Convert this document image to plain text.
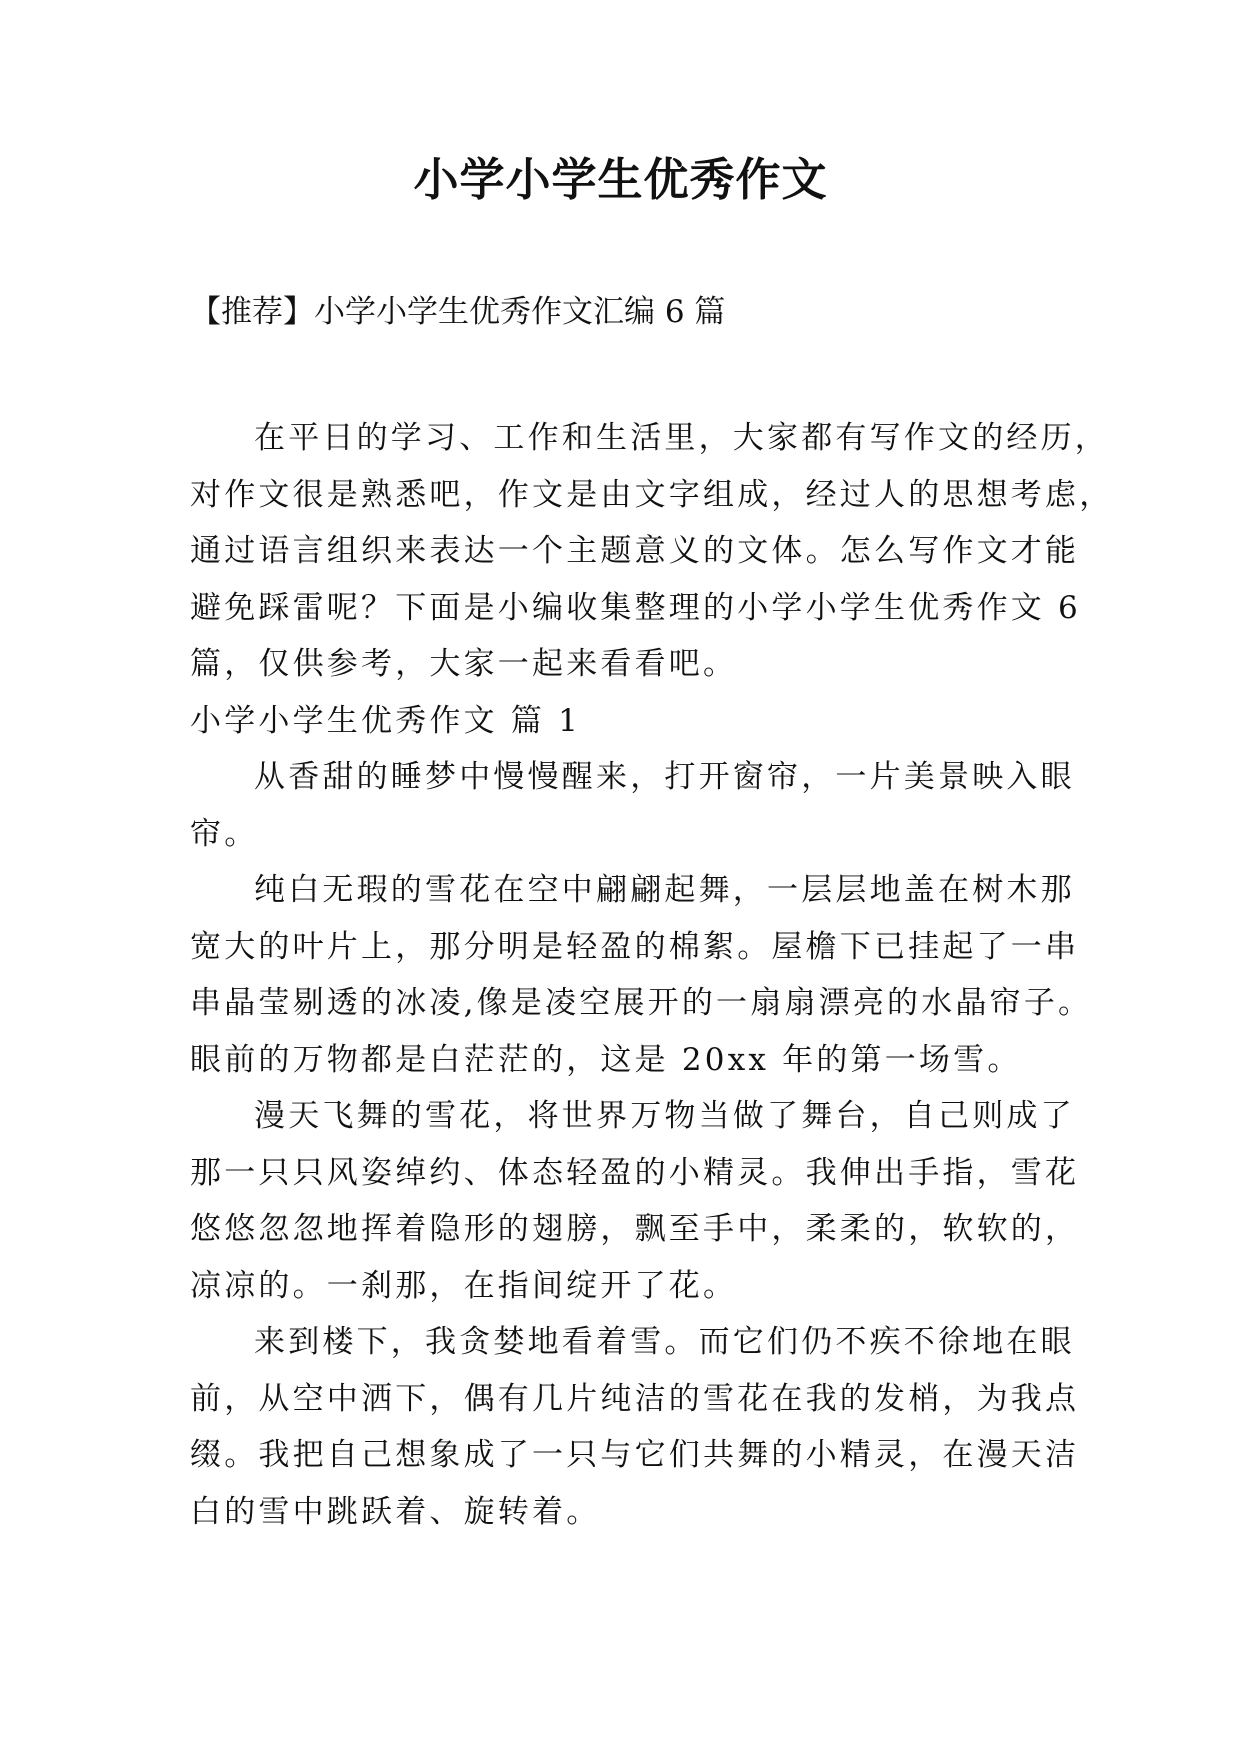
小学小学生优秀作文
【推荐】小学小学生优秀作文汇编 6 篇
在平日的学习、工作和生活里，大家都有写作文的经历，
对作文很是熟悉吧，作文是由文字组成，经过人的思想考虑，
通过语言组织来表达一个主题意义的文体。怎么写作文才能
避免踩雷呢？下面是小编收集整理的小学小学生优秀作文 6
篇，仅供参考，大家一起来看看吧。
小学小学生优秀作文 篇 1
从香甜的睡梦中慢慢醒来，打开窗帘，一片美景映入眼
帘。
纯白无瑕的雪花在空中翩翩起舞，一层层地盖在树木那
宽大的叶片上，那分明是轻盈的棉絮。屋檐下已挂起了一串
串晶莹剔透的冰凌,像是凌空展开的一扇扇漂亮的水晶帘子。
眼前的万物都是白茫茫的，这是 20xx 年的第一场雪。
漫天飞舞的雪花，将世界万物当做了舞台，自己则成了
那一只只风姿绰约、体态轻盈的小精灵。我伸出手指，雪花
悠悠忽忽地挥着隐形的翅膀，飘至手中，柔柔的，软软的，
凉凉的。一刹那，在指间绽开了花。
来到楼下，我贪婪地看着雪。而它们仍不疾不徐地在眼
前，从空中洒下，偶有几片纯洁的雪花在我的发梢，为我点
缀。我把自己想象成了一只与它们共舞的小精灵，在漫天洁
白的雪中跳跃着、旋转着。
